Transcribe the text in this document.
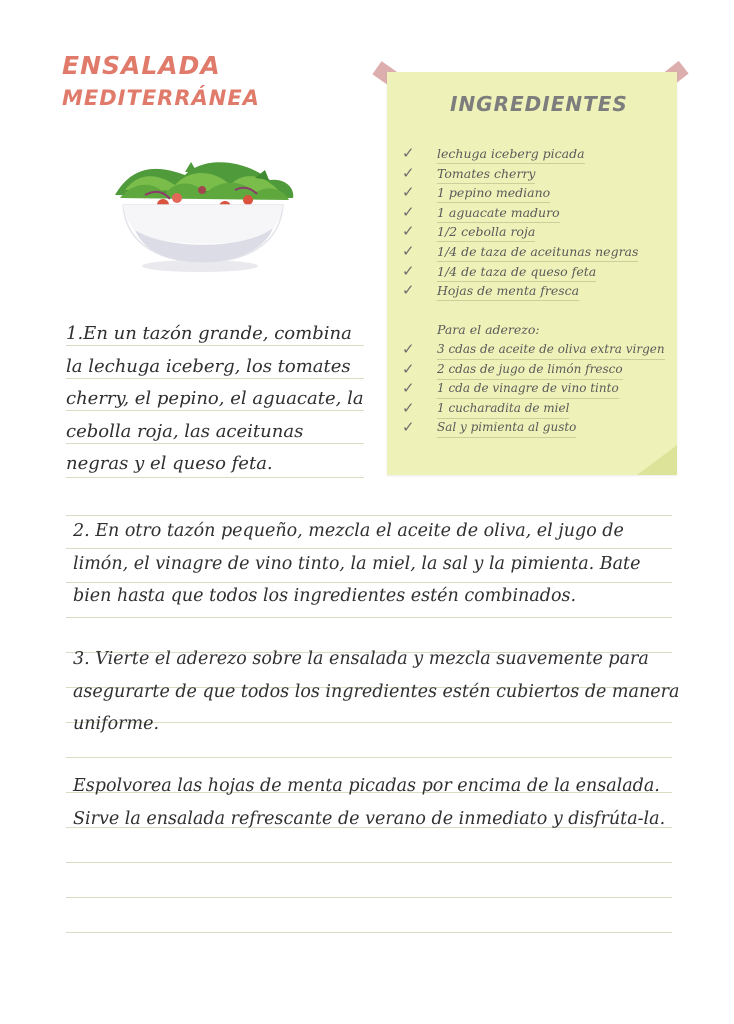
ENSALADA
MEDITERRÁNEA	INGREDIENTES
✓ lechuga iceberg picada
✓ Tomates cherry
✓ 1 pepino mediano
✓ 1 aguacate maduro
✓ 1/2 cebolla roja
✓ 1/4 de taza de aceitunas negras
✓ 1/4 de taza de queso feta
✓ Hojas de menta fresca
Para el aderezo:
✓ 3 cdas de aceite de oliva extra virgen
✓ 2 cdas de jugo de limón fresco
✓ 1 cda de vinagre de vino tinto
✓ 1 cucharadita de miel
✓ Sal y pimienta al gusto
1.En un tazón grande, combina la lechuga iceberg, los tomates cherry, el pepino, el aguacate, la cebolla roja, las aceitunas negras y el queso feta.
2. En otro tazón pequeño, mezcla el aceite de oliva, el jugo de limón, el vinagre de vino tinto, la miel, la sal y la pimienta. Bate bien hasta que todos los ingredientes estén combinados.
3. Vierte el aderezo sobre la ensalada y mezcla suavemente para asegurarte de que todos los ingredientes estén cubiertos de manera uniforme.
Espolvorea las hojas de menta picadas por encima de la ensalada. Sirve la ensalada refrescante de verano de inmediato y disfrúta-la.
